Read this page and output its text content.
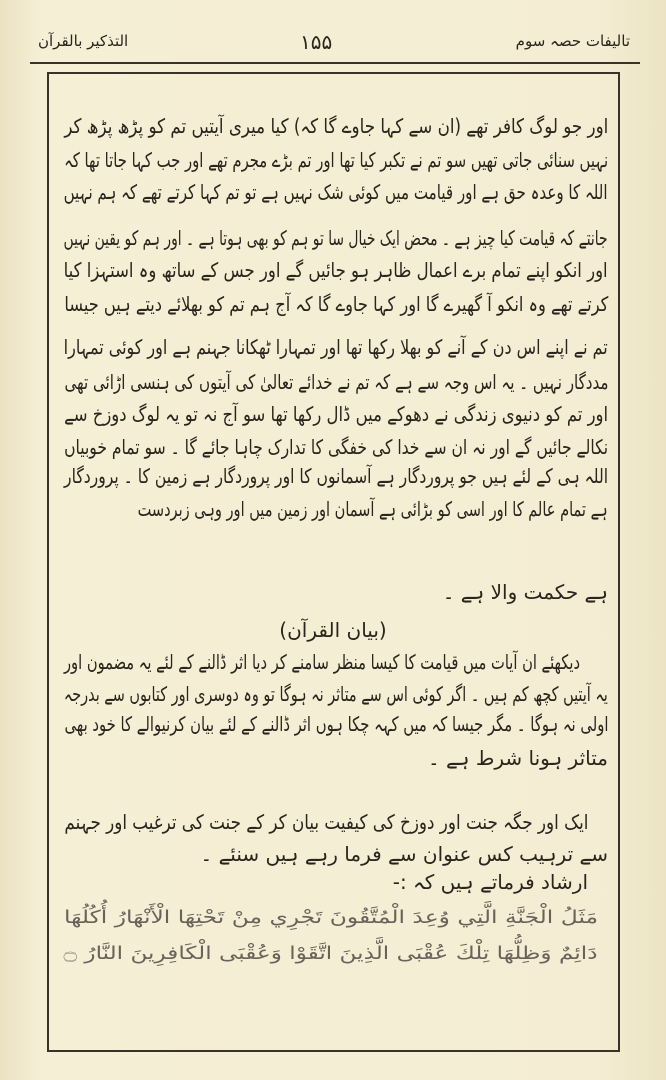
تالیفات حصہ سوم
۱۵۵
التذکیر بالقرآن
اور جو لوگ کافر تھے (ان سے کہا جاوے گا کہ) کیا میری آیتیں تم کو پڑھ پڑھ کر
نہیں سنائی جاتی تھیں سو تم نے تکبر کیا تھا اور تم بڑے مجرم تھے اور جب کہا جاتا تھا کہ
اللہ کا وعدہ حق ہے اور قیامت میں کوئی شک نہیں ہے تو تم کہا کرتے تھے کہ ہم نہیں
جانتے کہ قیامت کیا چیز ہے ۔ محض ایک خیال سا تو ہم کو بھی ہوتا ہے ۔ اور ہم کو یقین نہیں
اور انکو اپنے تمام برے اعمال ظاہر ہو جائیں گے اور جس کے ساتھ وہ استہزا کیا
کرتے تھے وہ انکو آ گھیرے گا اور کہا جاوے گا کہ آج ہم تم کو بھلائے دیتے ہیں جیسا
تم نے اپنے اس دن کے آنے کو بھلا رکھا تھا اور تمہارا ٹھکانا جہنم ہے اور کوئی تمہارا
مددگار نہیں ۔ یہ اس وجہ سے ہے کہ تم نے خدائے تعالیٰ کی آیتوں کی ہنسی اڑائی تھی
اور تم کو دنیوی زندگی نے دھوکے میں ڈال رکھا تھا سو آج نہ تو یہ لوگ دوزخ سے
نکالے جائیں گے اور نہ ان سے خدا کی خفگی کا تدارک چاہا جائے گا ۔ سو تمام خوبیاں
اللہ ہی کے لئے ہیں جو پروردگار ہے آسمانوں کا اور پروردگار ہے زمین کا ۔ پروردگار
ہے تمام عالم کا اور اسی کو بڑائی ہے آسمان اور زمین میں اور وہی زبردست
ہے حکمت والا ہے ۔
(بیان القرآن)
دیکھئے ان آیات میں قیامت کا کیسا منظر سامنے کر دیا اثر ڈالنے کے لئے یہ مضمون اور
یہ آیتیں کچھ کم ہیں ۔ اگر کوئی اس سے متاثر نہ ہوگا تو وہ دوسری اور کتابوں سے بدرجہ
اولی نہ ہوگا ۔ مگر جیسا کہ میں کہہ چکا ہوں اثر ڈالنے کے لئے بیان کرنیوالے کا خود بھی
متاثر ہونا شرط ہے ۔
ایک اور جگہ جنت اور دوزخ کی کیفیت بیان کر کے جنت کی ترغیب اور جہنم
سے ترہیب کس عنوان سے فرما رہے ہیں سنئے ۔
ارشاد فرماتے ہیں کہ :-
مَثَلُ الْجَنَّةِ الَّتِي وُعِدَ الْمُتَّقُونَ تَجْرِي مِنْ تَحْتِهَا الْأَنْهَارُ أُكُلُهَا
دَائِمٌ وَظِلُّهَا تِلْكَ عُقْبَى الَّذِينَ اتَّقَوْا وَعُقْبَى الْكَافِرِينَ النَّارُ ۝
